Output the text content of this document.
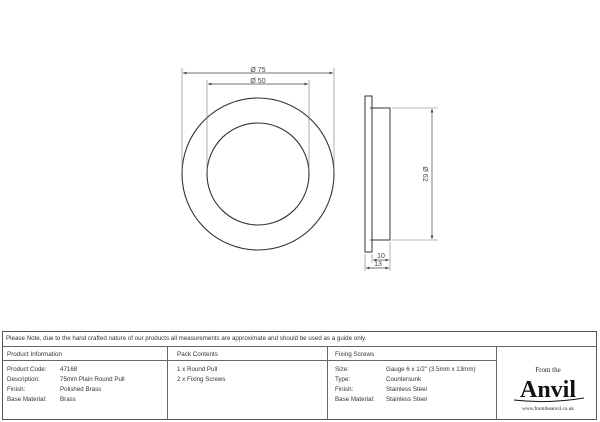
Ø 75
Ø 50
Ø 62
10
13
Please Note, due to the hand crafted nature of our products all measurements are approximate and should be used as a guide only.
Product Information
Product Code: 47168
Description:	75mm Plain Round Pull
Finish:	Polished Brass
Base Material: Brass
Pack Contents
1 x Round Pull
2 x Fixing Screws
Fixing Screws
Size:	Gauge 6 x 1/2" (3.5mm x 13mm)
Type:	Countersunk
Finish:	Stainless Steel
Base Material: Stainless Steel
From the
Anvil
www.fromtheanvil.co.uk
